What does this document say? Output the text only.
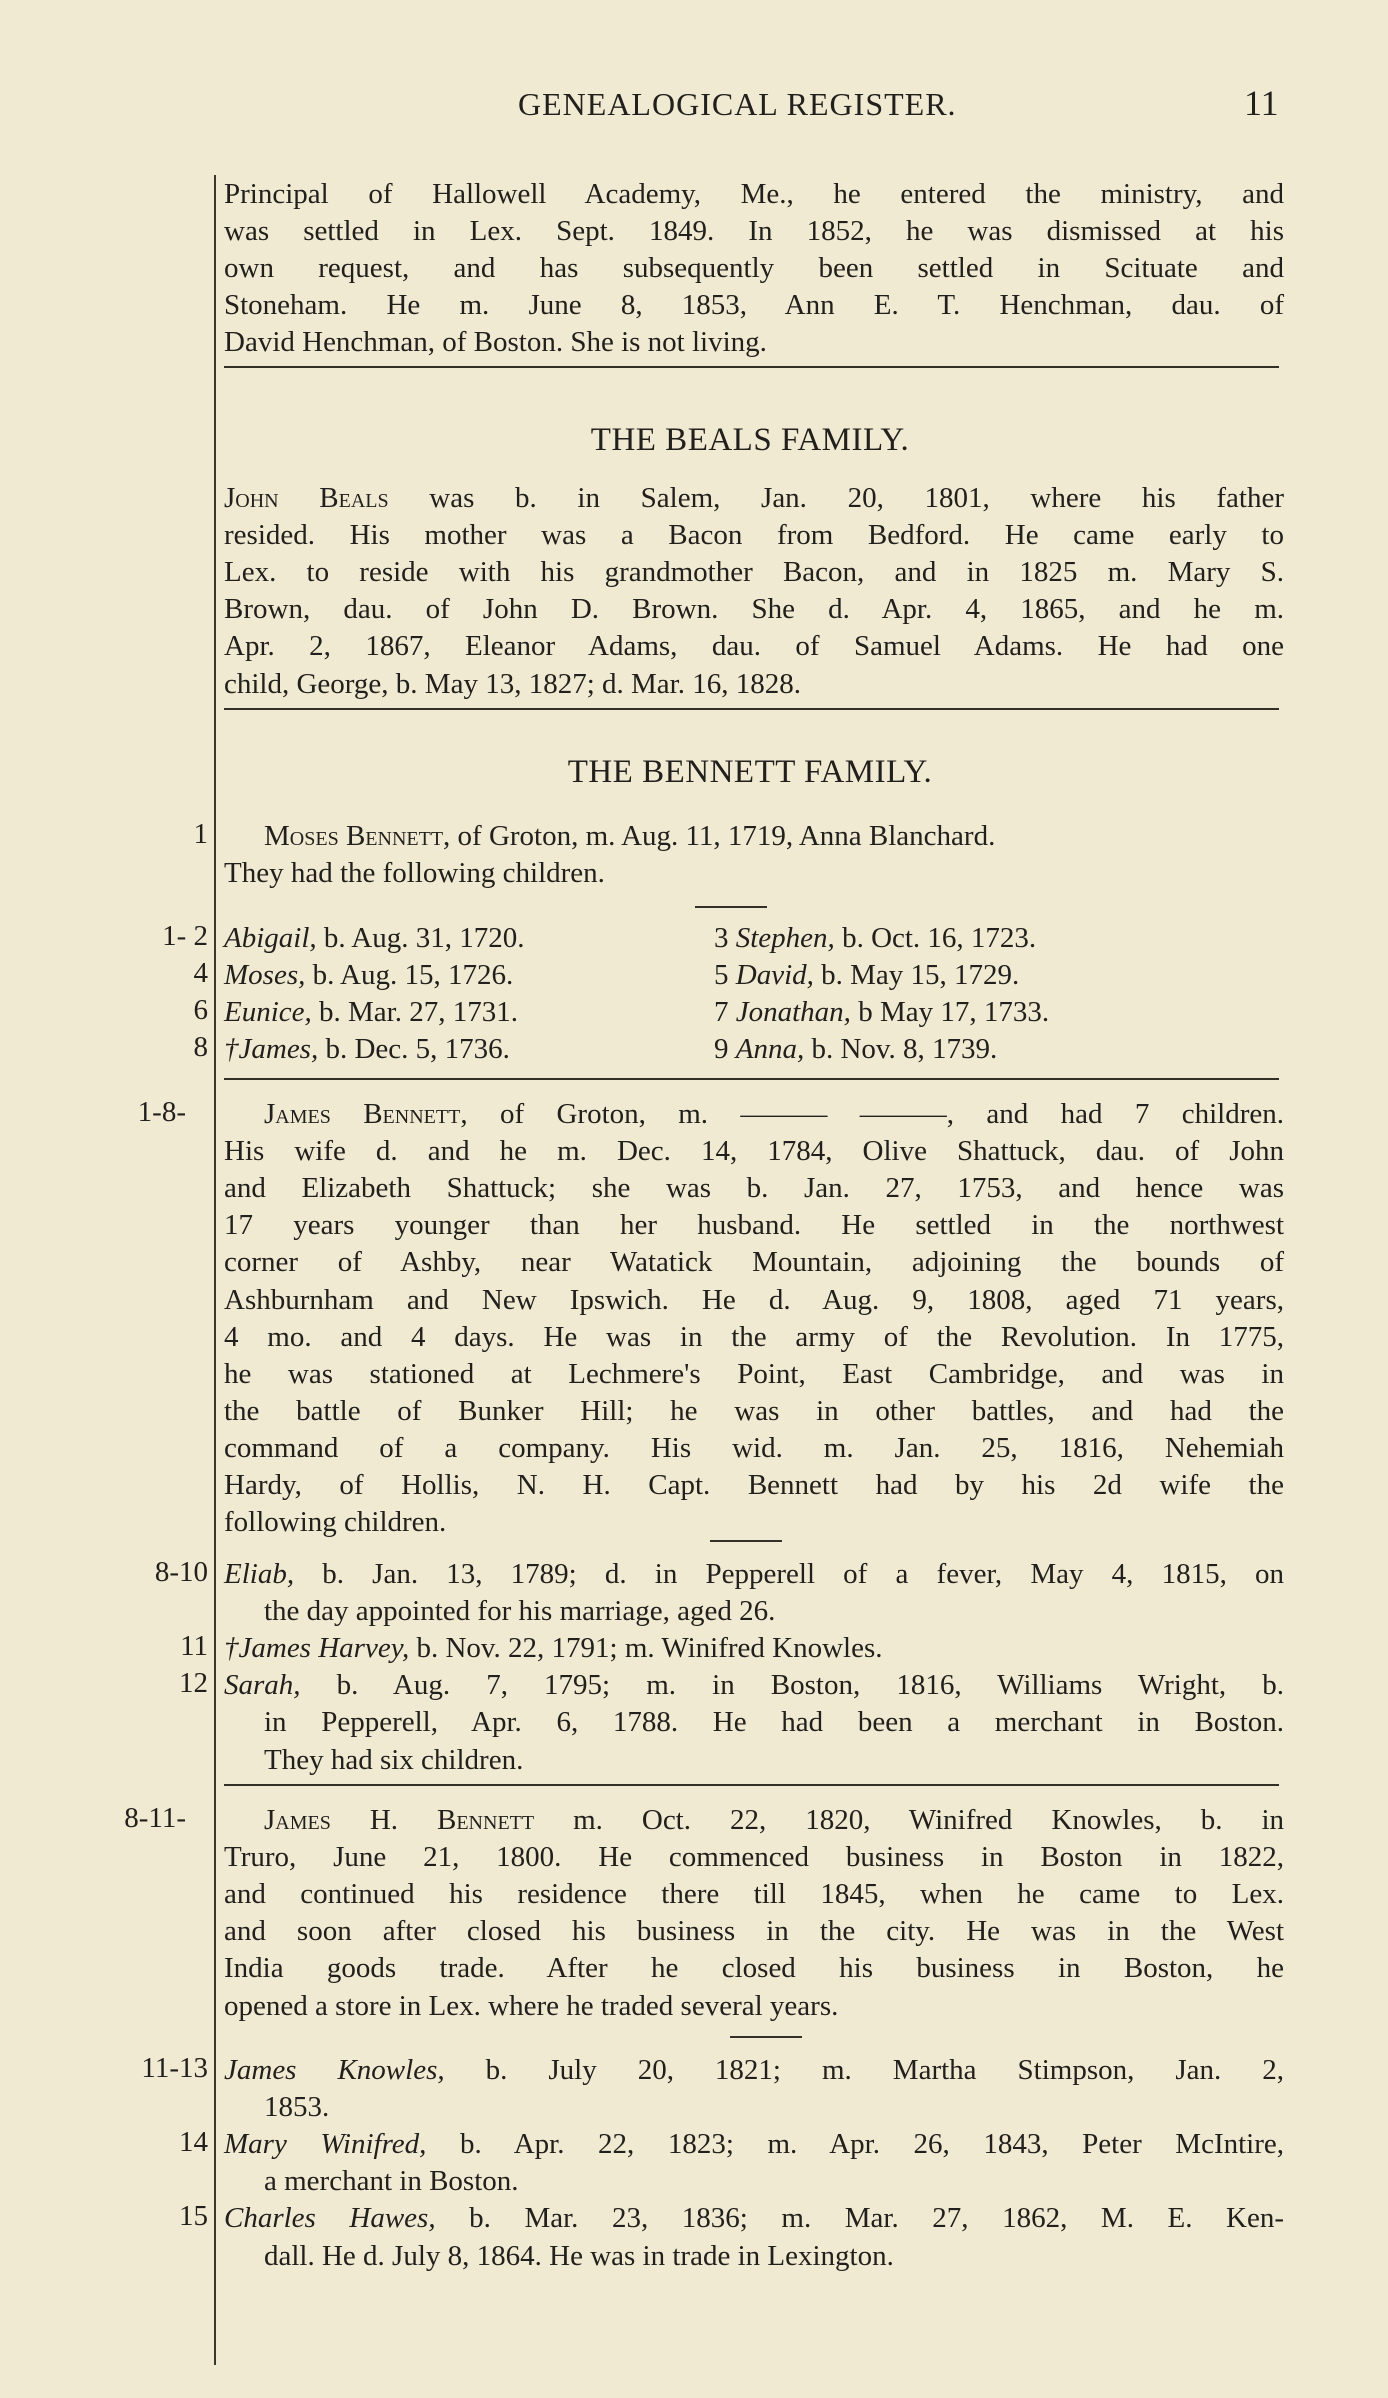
GENEALOGICAL REGISTER.	11
Principal of Hallowell Academy, Me., he entered the ministry, and
was settled in Lex. Sept. 1849. In 1852, he was dismissed at his
own request, and has subsequently been settled in Scituate and
Stoneham. He m. June 8, 1853, Ann E. T. Henchman, dau. of
David Henchman, of Boston. She is not living.
THE BEALS FAMILY.
John Beals was b. in Salem, Jan. 20, 1801, where his father
resided. His mother was a Bacon from Bedford. He came early to
Lex. to reside with his grandmother Bacon, and in 1825 m. Mary S.
Brown, dau. of John D. Brown. She d. Apr. 4, 1865, and he m.
Apr. 2, 1867, Eleanor Adams, dau. of Samuel Adams. He had one
child, George, b. May 13, 1827; d. Mar. 16, 1828.
THE BENNETT FAMILY.
1	Moses Bennett, of Groton, m. Aug. 11, 1719, Anna Blanchard.
They had the following children.
1- 2
4
6
8
Abigail, b. Aug. 31, 1720.	3 Stephen, b. Oct. 16, 1723.
Moses, b. Aug. 15, 1726.	5 David, b. May 15, 1729.
Eunice, b. Mar. 27, 1731.	7 Jonathan, b May 17, 1733.
†James, b. Dec. 5, 1736.	9 Anna, b. Nov. 8, 1739.
1-8-	James Bennett, of Groton, m. ——— ———, and had 7 children.
His wife d. and he m. Dec. 14, 1784, Olive Shattuck, dau. of John
and Elizabeth Shattuck; she was b. Jan. 27, 1753, and hence was
17 years younger than her husband. He settled in the northwest
corner of Ashby, near Watatick Mountain, adjoining the bounds of
Ashburnham and New Ipswich. He d. Aug. 9, 1808, aged 71 years,
4 mo. and 4 days. He was in the army of the Revolution. In 1775,
he was stationed at Lechmere's Point, East Cambridge, and was in
the battle of Bunker Hill; he was in other battles, and had the
command of a company. His wid. m. Jan. 25, 1816, Nehemiah
Hardy, of Hollis, N. H. Capt. Bennett had by his 2d wife the
following children.
8-10
11
12
Eliab, b. Jan. 13, 1789; d. in Pepperell of a fever, May 4, 1815, on
the day appointed for his marriage, aged 26.
†James Harvey, b. Nov. 22, 1791; m. Winifred Knowles.
Sarah, b. Aug. 7, 1795; m. in Boston, 1816, Williams Wright, b.
in Pepperell, Apr. 6, 1788. He had been a merchant in Boston.
They had six children.
8-11-	James H. Bennett m. Oct. 22, 1820, Winifred Knowles, b. in
Truro, June 21, 1800. He commenced business in Boston in 1822,
and continued his residence there till 1845, when he came to Lex.
and soon after closed his business in the city. He was in the West
India goods trade. After he closed his business in Boston, he
opened a store in Lex. where he traded several years.
11-13
14
15
James Knowles, b. July 20, 1821; m. Martha Stimpson, Jan. 2,
1853.
Mary Winifred, b. Apr. 22, 1823; m. Apr. 26, 1843, Peter McIntire,
a merchant in Boston.
Charles Hawes, b. Mar. 23, 1836; m. Mar. 27, 1862, M. E. Ken-
dall. He d. July 8, 1864. He was in trade in Lexington.
